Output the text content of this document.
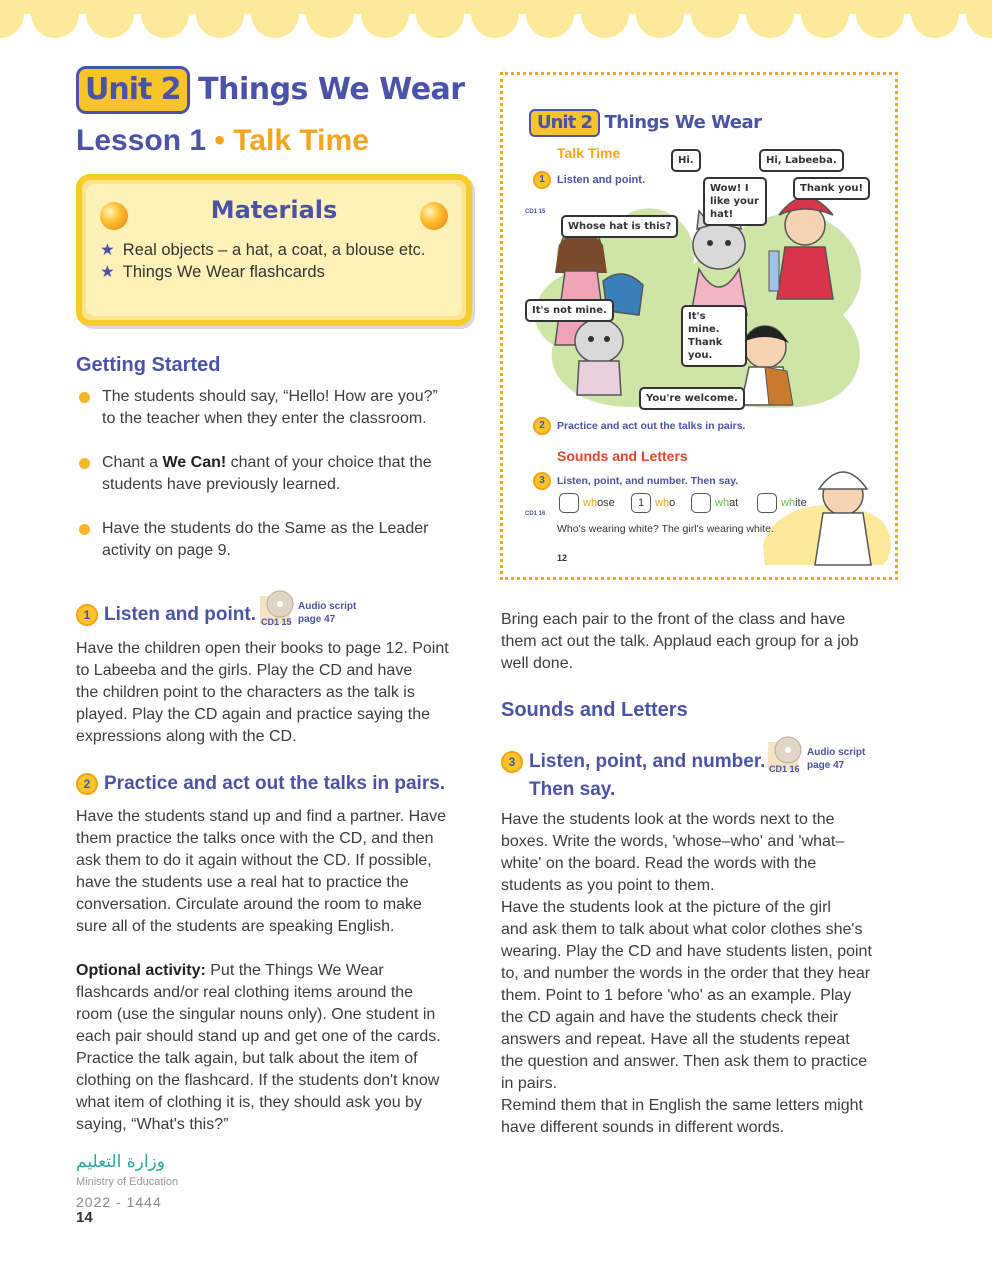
Unit 2 Things We Wear
Lesson 1 • Talk Time
Materials
★ Real objects – a hat, a coat, a blouse etc.
★ Things We Wear flashcards
Getting Started
The students should say, “Hello! How are you?”
to the teacher when they enter the classroom.
Chant a We Can! chant of your choice that the
students have previously learned.
Have the students do the Same as the Leader
activity on page 9.
1 Listen and point. CD1 15
Audio script
page 47
Have the children open their books to page 12. Point
to Labeeba and the girls. Play the CD and have
the children point to the characters as the talk is
played. Play the CD again and practice saying the
expressions along with the CD.
2 Practice and act out the talks in pairs.
Have the students stand up and find a partner. Have
them practice the talks once with the CD, and then
ask them to do it again without the CD. If possible,
have the students use a real hat to practice the
conversation. Circulate around the room to make
sure all of the students are speaking English.
Optional activity: Put the Things We Wear
flashcards and/or real clothing items around the
room (use the singular nouns only). One student in
each pair should stand up and get one of the cards.
Practice the talk again, but talk about the item of
clothing on the flashcard. If the students don't know
what item of clothing it is, they should ask you by
saying, “What's this?”
Bring each pair to the front of the class and have
them act out the talk. Applaud each group for a job
well done.
Sounds and Letters
3 Listen, point, and number.
Then say.
CD1 16
Audio script
page 47
Have the students look at the words next to the
boxes. Write the words, 'whose–who' and 'what–
white' on the board. Read the words with the
students as you point to them.
Have the students look at the picture of the girl
and ask them to talk about what color clothes she's
wearing. Play the CD and have students listen, point
to, and number the words in the order that they hear
them. Point to 1 before 'who' as an example. Play
the CD again and have the students check their
answers and repeat. Have all the students repeat
the question and answer. Then ask them to practice
in pairs.
Remind them that in English the same letters might
have different sounds in different words.
Unit 2 Things We Wear
Talk Time
1	Listen and point.
CD1 15
Hi.	Hi, Labeeba.
Wow! I like your hat!
Thank you!
Whose hat is this?
It's not mine.
It's mine. Thank you.
You're welcome.
2	Practice and act out the talks in pairs.
Sounds and Letters
3	Listen, point, and number. Then say.
CD1 16
whose	1 who	what	white
Who's wearing white? The girl's wearing white.
12
وزارة التعليم
Ministry of Education
2022 - 1444
14
